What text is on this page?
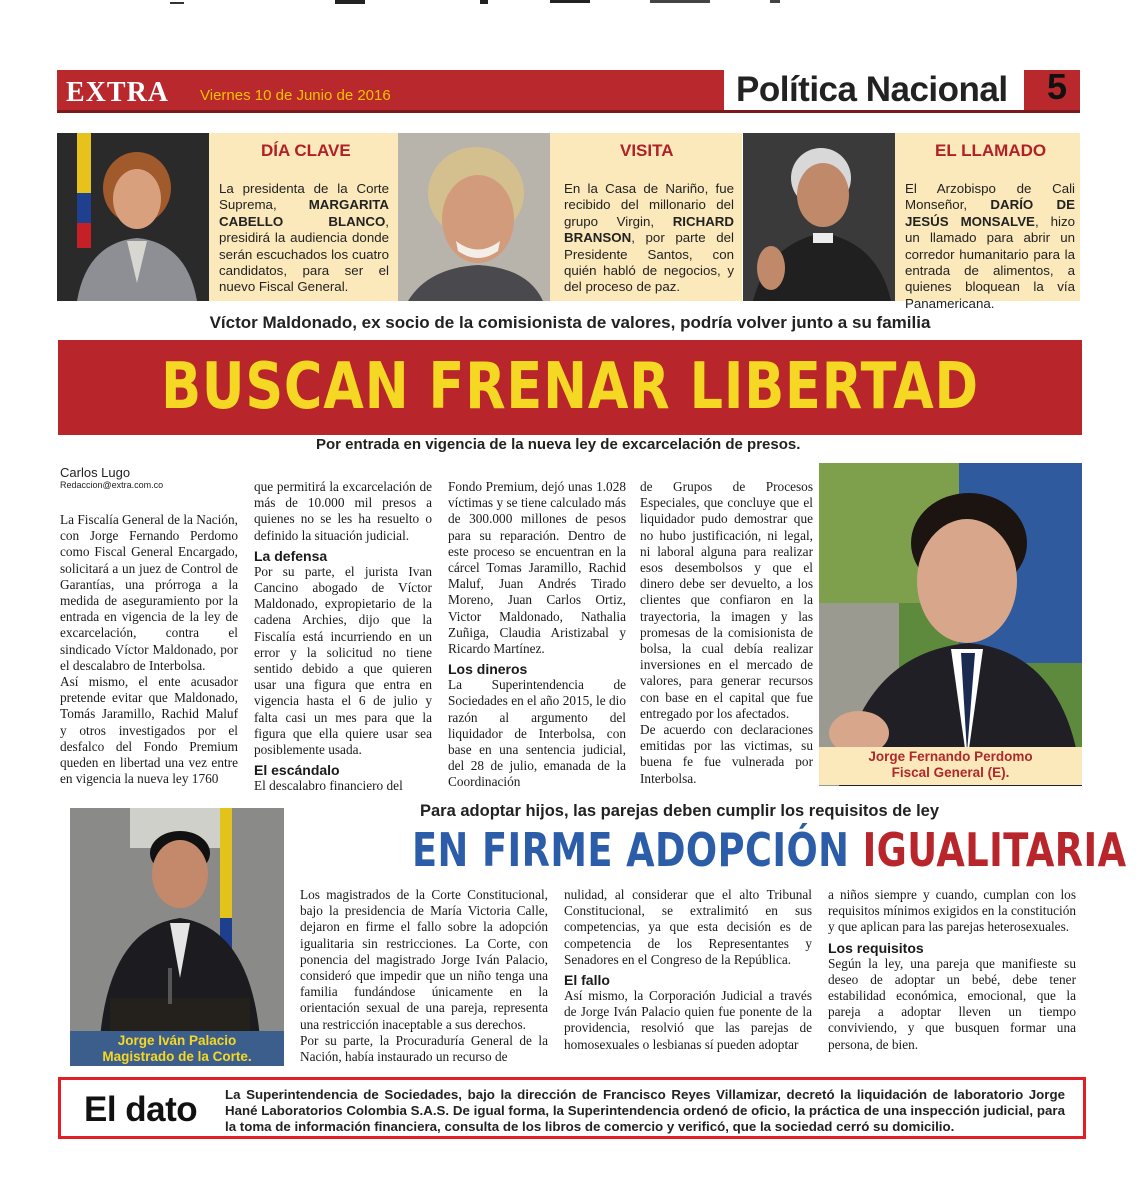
EXTRA Viernes 10 de Junio de 2016	Política Nacional 5
DÍA CLAVE
La presidenta de la Corte Suprema, MARGARITA CABELLO BLANCO, presidirá la audiencia donde serán escuchados los cuatro candidatos, para ser el nuevo Fiscal General.
VISITA
En la Casa de Nariño, fue recibido del millonario del grupo Virgin, RICHARD BRANSON, por parte del Presidente Santos, con quién habló de negocios, y del proceso de paz.
EL LLAMADO
El Arzobispo de Cali Monseñor, DARÍO DE JESÚS MONSALVE, hizo un llamado para abrir un corredor humanitario para la entrada de alimentos, a quienes bloquean la vía Panamericana.
Víctor Maldonado, ex socio de la comisionista de valores, podría volver junto a su familia
BUSCAN FRENAR LIBERTAD
Por entrada en vigencia de la nueva ley de excarcelación de presos.
Carlos Lugo
Redaccion@extra.com.co

La Fiscalía General de la Nación, con Jorge Fernando Perdomo como Fiscal General Encargado, solicitará a un juez de Control de Garantías, una prórroga a la medida de aseguramiento por la entrada en vigencia de la ley de excarcelación, contra el sindicado Víctor Maldonado, por el descalabro de Interbolsa.

Así mismo, el ente acusador pretende evitar que Maldonado, Tomás Jaramillo, Rachid Maluf y otros investigados por el desfalco del Fondo Premium queden en libertad una vez entre en vigencia la nueva ley 1760

que permitirá la excarcelación de más de 10.000 mil presos a quienes no se les ha resuelto o definido la situación judicial.

La defensa

Por su parte, el jurista Ivan Cancino abogado de Víctor Maldonado, expropietario de la cadena Archies, dijo que la Fiscalía está incurriendo en un error y la solicitud no tiene sentido debido a que quieren usar una figura que entra en vigencia hasta el 6 de julio y falta casi un mes para que la figura que ella quiere usar sea posiblemente usada.

El escándalo

El descalabro financiero del

Fondo Premium, dejó unas 1.028 víctimas y se tiene calculado más de 300.000 millones de pesos para su reparación. Dentro de este proceso se encuentran en la cárcel Tomas Jaramillo, Rachid Maluf, Juan Andrés Tirado Moreno, Juan Carlos Ortiz, Victor Maldonado, Nathalia Zuñiga, Claudia Aristizabal y Ricardo Martínez.

Los dineros

La Superintendencia de Sociedades en el año 2015, le dio razón al argumento del liquidador de Interbolsa, con base en una sentencia judicial, del 28 de julio, emanada de la Coordinación

de Grupos de Procesos Especiales, que concluye que el liquidador pudo demostrar que no hubo justificación, ni legal, ni laboral alguna para realizar esos desembolsos y que el dinero debe ser devuelto, a los clientes que confiaron en la trayectoria, la imagen y las promesas de la comisionista de bolsa, la cual debía realizar inversiones en el mercado de valores, para generar recursos con base en el capital que fue entregado por los afectados.

De acuerdo con declaraciones emitidas por las victimas, su buena fe fue vulnerada por Interbolsa.

Jorge Fernando Perdomo
Fiscal General (E).
Para adoptar hijos, las parejas deben cumplir los requisitos de ley
EN FIRME ADOPCIÓN IGUALITARIA
Jorge Iván Palacio
Magistrado de la Corte.

Los magistrados de la Corte Constitucional, bajo la presidencia de María Victoria Calle, dejaron en firme el fallo sobre la adopción igualitaria sin restricciones. La Corte, con ponencia del magistrado Jorge Iván Palacio, consideró que impedir que un niño tenga una familia fundándose únicamente en la orientación sexual de una pareja, representa una restricción inaceptable a sus derechos.

Por su parte, la Procuraduría General de la Nación, había instaurado un recurso de

nulidad, al considerar que el alto Tribunal Constitucional, se extralimitó en sus competencias, ya que esta decisión es de competencia de los Representantes y Senadores en el Congreso de la República.

El fallo

Así mismo, la Corporación Judicial a través de Jorge Iván Palacio quien fue ponente de la providencia, resolvió que las parejas de homosexuales o lesbianas sí pueden adoptar

a niños siempre y cuando, cumplan con los requisitos mínimos exigidos en la constitución y que aplican para las parejas heterosexuales.

Los requisitos

Según la ley, una pareja que manifieste su deseo de adoptar un bebé, debe tener estabilidad económica, emocional, que la pareja a adoptar lleven un tiempo conviviendo, y que busquen formar una persona, de bien.

El dato La Superintendencia de Sociedades, bajo la dirección de Francisco Reyes Villamizar, decretó la liquidación de laboratorio Jorge Hané Laboratorios Colombia S.A.S. De igual forma, la Superintendencia ordenó de oficio, la práctica de una inspección judicial, para la toma de información financiera, consulta de los libros de comercio y verificó, que la sociedad cerró su domicilio.
